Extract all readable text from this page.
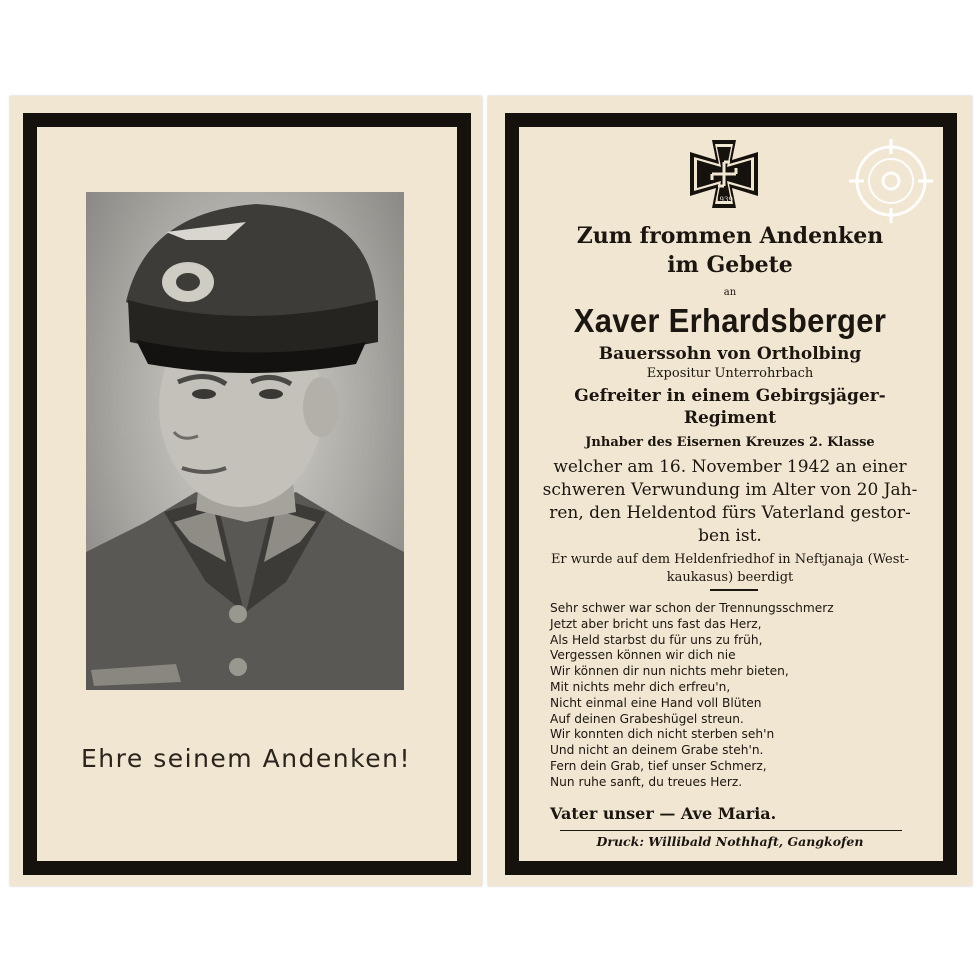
Ehre seinem Andenken!
1939
Zum frommen Andenken
im Gebete
an
Xaver Erhardsberger
Bauerssohn von Ortholbing
Expositur Unterrohrbach
Gefreiter in einem Gebirgsjäger-
Regiment
Jnhaber des Eisernen Kreuzes 2. Klasse
welcher am 16. November 1942 an einer
schweren Verwundung im Alter von 20 Jah-
ren, den Heldentod fürs Vaterland gestor-
ben ist.
Er wurde auf dem Heldenfriedhof in Neftjanaja (West-
kaukasus) beerdigt
Sehr schwer war schon der Trennungsschmerz
Jetzt aber bricht uns fast das Herz,
Als Held starbst du für uns zu früh,
Vergessen können wir dich nie
Wir können dir nun nichts mehr bieten,
Mit nichts mehr dich erfreu'n,
Nicht einmal eine Hand voll Blüten
Auf deinen Grabeshügel streun.
Wir konnten dich nicht sterben seh'n
Und nicht an deinem Grabe steh'n.
Fern dein Grab, tief unser Schmerz,
Nun ruhe sanft, du treues Herz.
Vater unser — Ave Maria.
Druck: Willibald Nothhaft, Gangkofen
